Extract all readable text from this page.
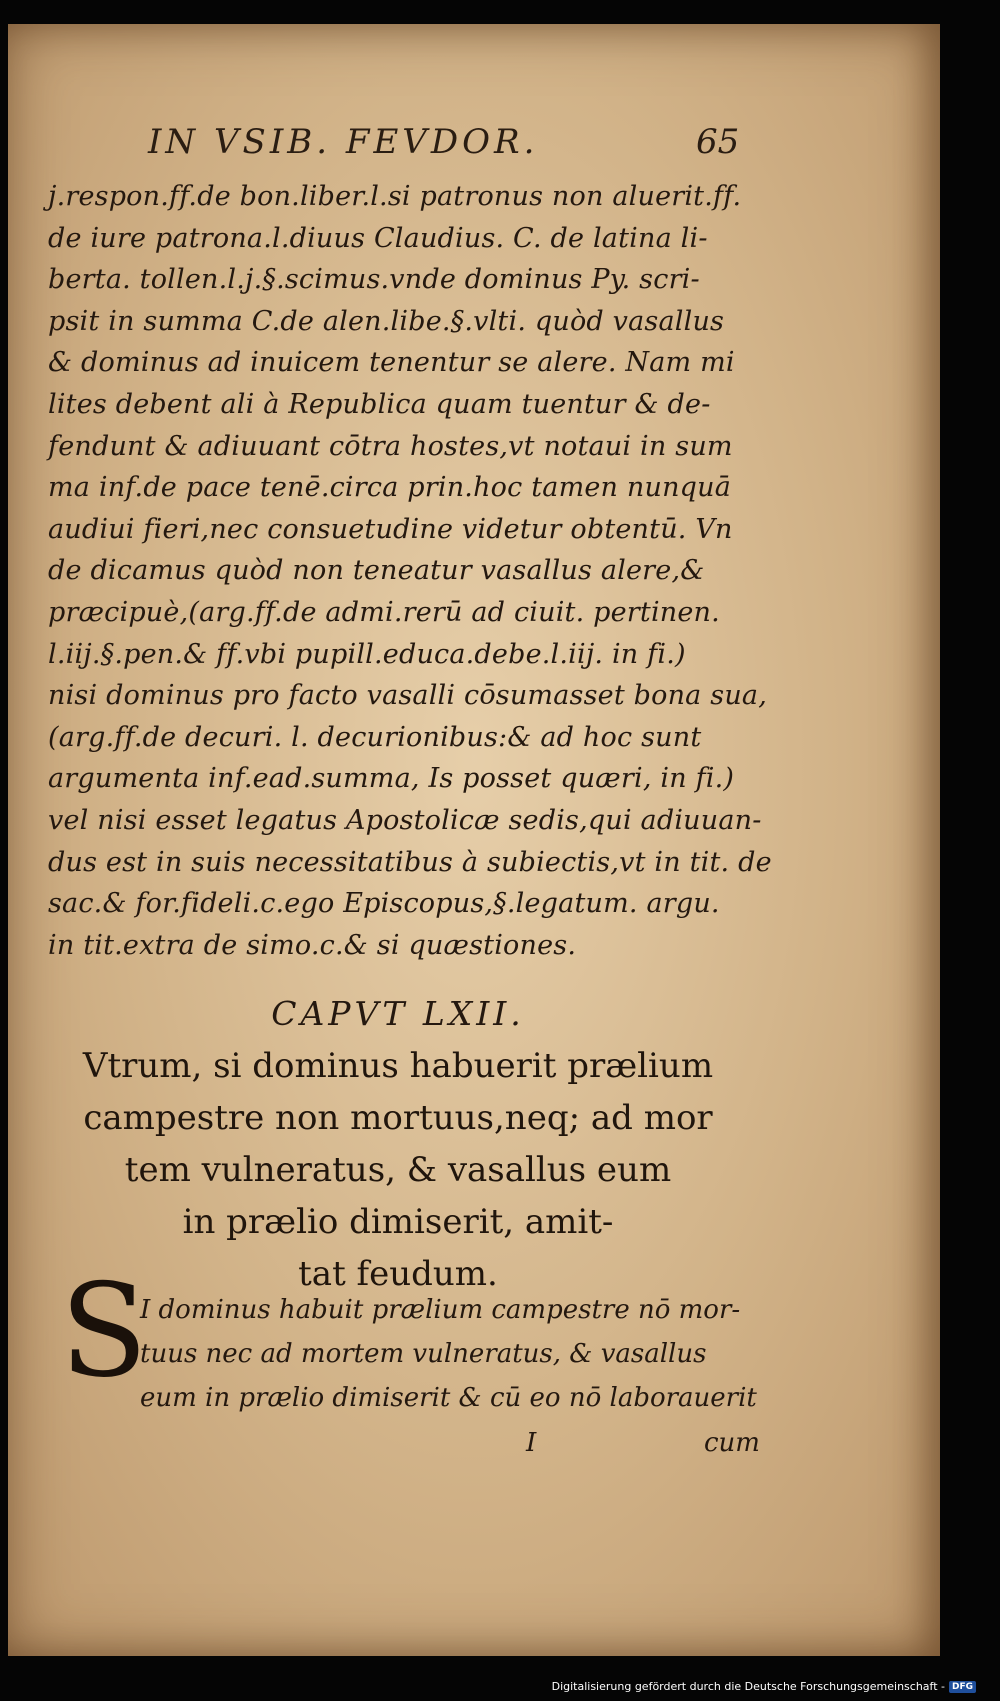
IN VSIB. FEVDOR.	65
j.respon.ff.de bon.liber.l.si patronus non aluerit.ff.
de iure patrona.l.diuus Claudius. C. de latina li-
berta. tollen.l.j.§.scimus.vnde dominus Py. scri-
psit in summa C.de alen.libe.§.vlti. quòd vasallus
& dominus ad inuicem tenentur se alere. Nam mi
lites debent ali à Republica quam tuentur & de-
fendunt & adiuuant cōtra hostes,vt notaui in sum
ma inf.de pace tenē.circa prin.hoc tamen nunquā
audiui fieri,nec consuetudine videtur obtentū. Vn
de dicamus quòd non teneatur vasallus alere,&
præcipuè,(arg.ff.de admi.rerū ad ciuit. pertinen.
l.iij.§.pen.& ff.vbi pupill.educa.debe.l.iij. in fi.)
nisi dominus pro facto vasalli cōsumasset bona sua,
(arg.ff.de decuri. l. decurionibus:& ad hoc sunt
argumenta inf.ead.summa, Is posset quæri, in fi.)
vel nisi esset legatus Apostolicæ sedis,qui adiuuan-
dus est in suis necessitatibus à subiectis,vt in tit. de
sac.& for.fideli.c.ego Episcopus,§.legatum. argu.
in tit.extra de simo.c.& si quæstiones.
CAPVT LXII.
Vtrum, si dominus habuerit prælium
campestre non mortuus,neq; ad mor
tem vulneratus, & vasallus eum
in prælio dimiserit, amit-
tat feudum.
S
I dominus habuit prælium campestre nō mor-
tuus nec ad mortem vulneratus, & vasallus
eum in prælio dimiserit & cū eo nō laborauerit
I	cum
Digitalisierung gefördert durch die Deutsche Forschungsgemeinschaft - DFG
